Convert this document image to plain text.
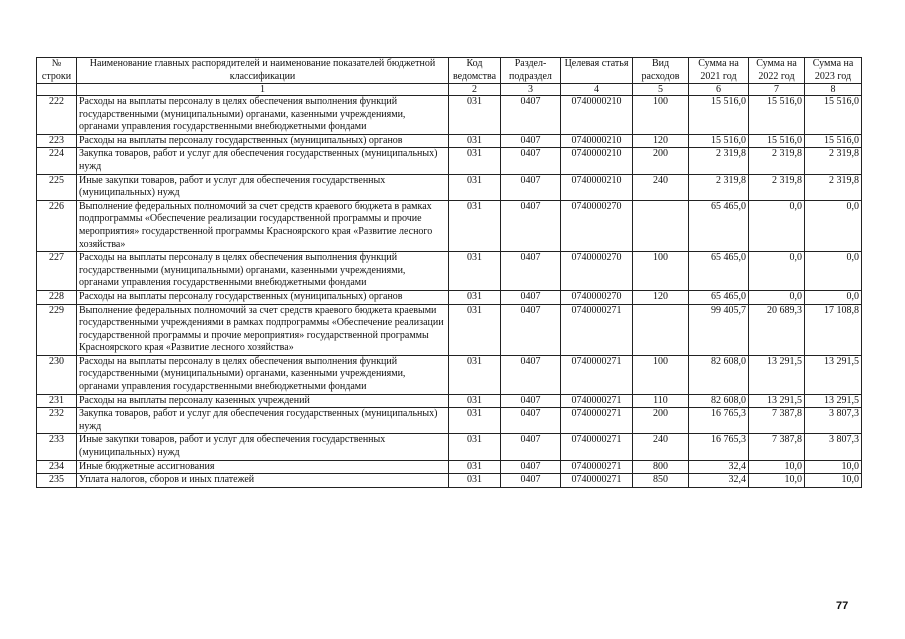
№ строки	Наименование главных распорядителей и наименование показателей бюджетной классификации	Код ведомства	Раздел-подраздел	Целевая статья	Вид расходов	Сумма на 2021 год	Сумма на 2022 год	Сумма на 2023 год
	1	2	3	4	5	6	7	8
222	Расходы на выплаты персоналу в целях обеспечения выполнения функций государственными (муниципальными) органами, казенными учреждениями, органами управления государственными внебюджетными фондами	031	0407	0740000210	100	15 516,0	15 516,0	15 516,0
223	Расходы на выплаты персоналу государственных (муниципальных) органов	031	0407	0740000210	120	15 516,0	15 516,0	15 516,0
224	Закупка товаров, работ и услуг для обеспечения государственных (муниципальных) нужд	031	0407	0740000210	200	2 319,8	2 319,8	2 319,8
225	Иные закупки товаров, работ и услуг для обеспечения государственных (муниципальных) нужд	031	0407	0740000210	240	2 319,8	2 319,8	2 319,8
226	Выполнение федеральных полномочий за счет средств краевого бюджета в рамках подпрограммы «Обеспечение реализации государственной программы и прочие мероприятия» государственной программы Красноярского края «Развитие лесного хозяйства»	031	0407	0740000270		65 465,0	0,0	0,0
227	Расходы на выплаты персоналу в целях обеспечения выполнения функций государственными (муниципальными) органами, казенными учреждениями, органами управления государственными внебюджетными фондами	031	0407	0740000270	100	65 465,0	0,0	0,0
228	Расходы на выплаты персоналу государственных (муниципальных) органов	031	0407	0740000270	120	65 465,0	0,0	0,0
229	Выполнение федеральных полномочий за счет средств краевого бюджета краевыми государственными учреждениями в рамках подпрограммы «Обеспечение реализации государственной программы и прочие мероприятия» государственной программы Красноярского края «Развитие лесного хозяйства»	031	0407	0740000271		99 405,7	20 689,3	17 108,8
230	Расходы на выплаты персоналу в целях обеспечения выполнения функций государственными (муниципальными) органами, казенными учреждениями, органами управления государственными внебюджетными фондами	031	0407	0740000271	100	82 608,0	13 291,5	13 291,5
231	Расходы на выплаты персоналу казенных учреждений	031	0407	0740000271	110	82 608,0	13 291,5	13 291,5
232	Закупка товаров, работ и услуг для обеспечения государственных (муниципальных) нужд	031	0407	0740000271	200	16 765,3	7 387,8	3 807,3
233	Иные закупки товаров, работ и услуг для обеспечения государственных (муниципальных) нужд	031	0407	0740000271	240	16 765,3	7 387,8	3 807,3
234	Иные бюджетные ассигнования	031	0407	0740000271	800	32,4	10,0	10,0
235	Уплата налогов, сборов и иных платежей	031	0407	0740000271	850	32,4	10,0	10,0
77
